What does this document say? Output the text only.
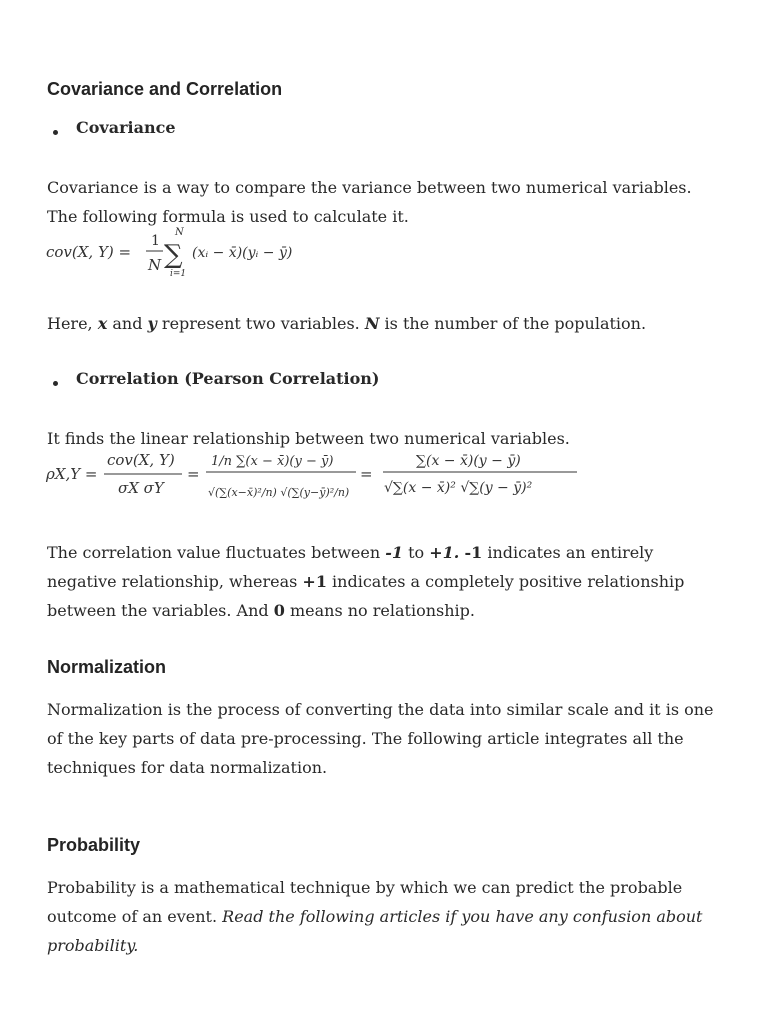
Covariance and Correlation
Covariance

Covariance is a way to compare the variance between two numerical variables. The following formula is used to calculate it.

cov(X, Y) =
1
N
N
∑
i=1
(xᵢ − x̄)(yᵢ − ȳ)

Here, x and y represent two variables. N is the number of the population.

Correlation (Pearson Correlation)

It finds the linear relationship between two numerical variables.

ρX,Y =
cov(X, Y)
σX σY
=
1/n ∑(x − x̄)(y − ȳ)
√(∑(x−x̄)²/n) √(∑(y−ȳ)²/n)
=
∑(x − x̄)(y − ȳ)
√∑(x − x̄)² √∑(y − ȳ)²

The correlation value fluctuates between -1 to +1. -1 indicates an entirely negative relationship, whereas +1 indicates a completely positive relationship between the variables. And 0 means no relationship.

Normalization

Normalization is the process of converting the data into similar scale and it is one of the key parts of data pre-processing. The following article integrates all the techniques for data normalization.

Probability

Probability is a mathematical technique by which we can predict the probable outcome of an event. Read the following articles if you have any confusion about probability.
